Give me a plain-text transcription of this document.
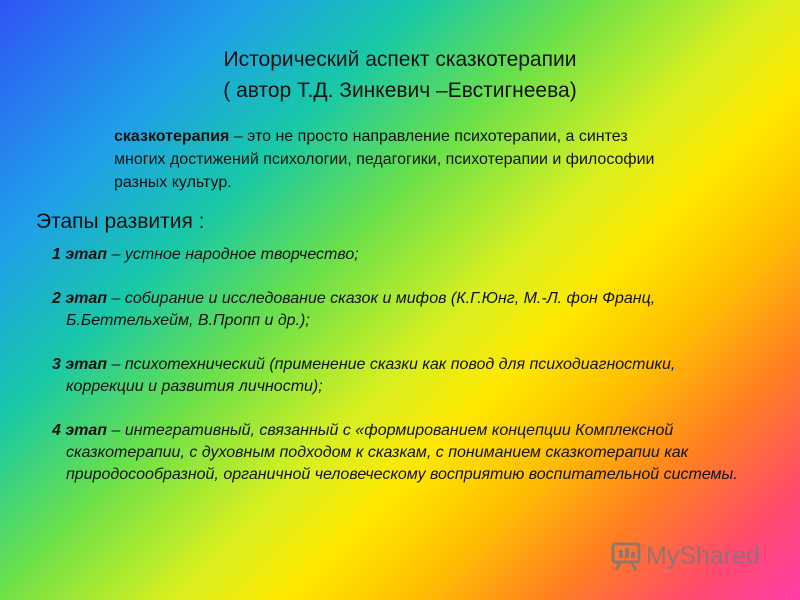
Исторический аспект сказкотерапии
( автор Т.Д. Зинкевич –Евстигнеева)
сказкотерапия – это не просто направление психотерапии, а синтез многих достижений психологии, педагогики, психотерапии и философии разных культур.
Этапы развития :
1 этап – устное народное творчество;
2 этап – собирание и исследование сказок и мифов (К.Г.Юнг, М.-Л. фон Франц, Б.Беттельхейм, В.Пропп и др.);
3 этап – психотехнический (применение сказки как повод для психодиагностики, коррекции и развития личности);
4 этап – интегративный, связанный с «формированием концепции Комплексной сказкотерапии, с духовным подходом к сказкам, с пониманием сказкотерапии как природосообразной, органичной человеческому восприятию воспитательной системы.
MyShared
